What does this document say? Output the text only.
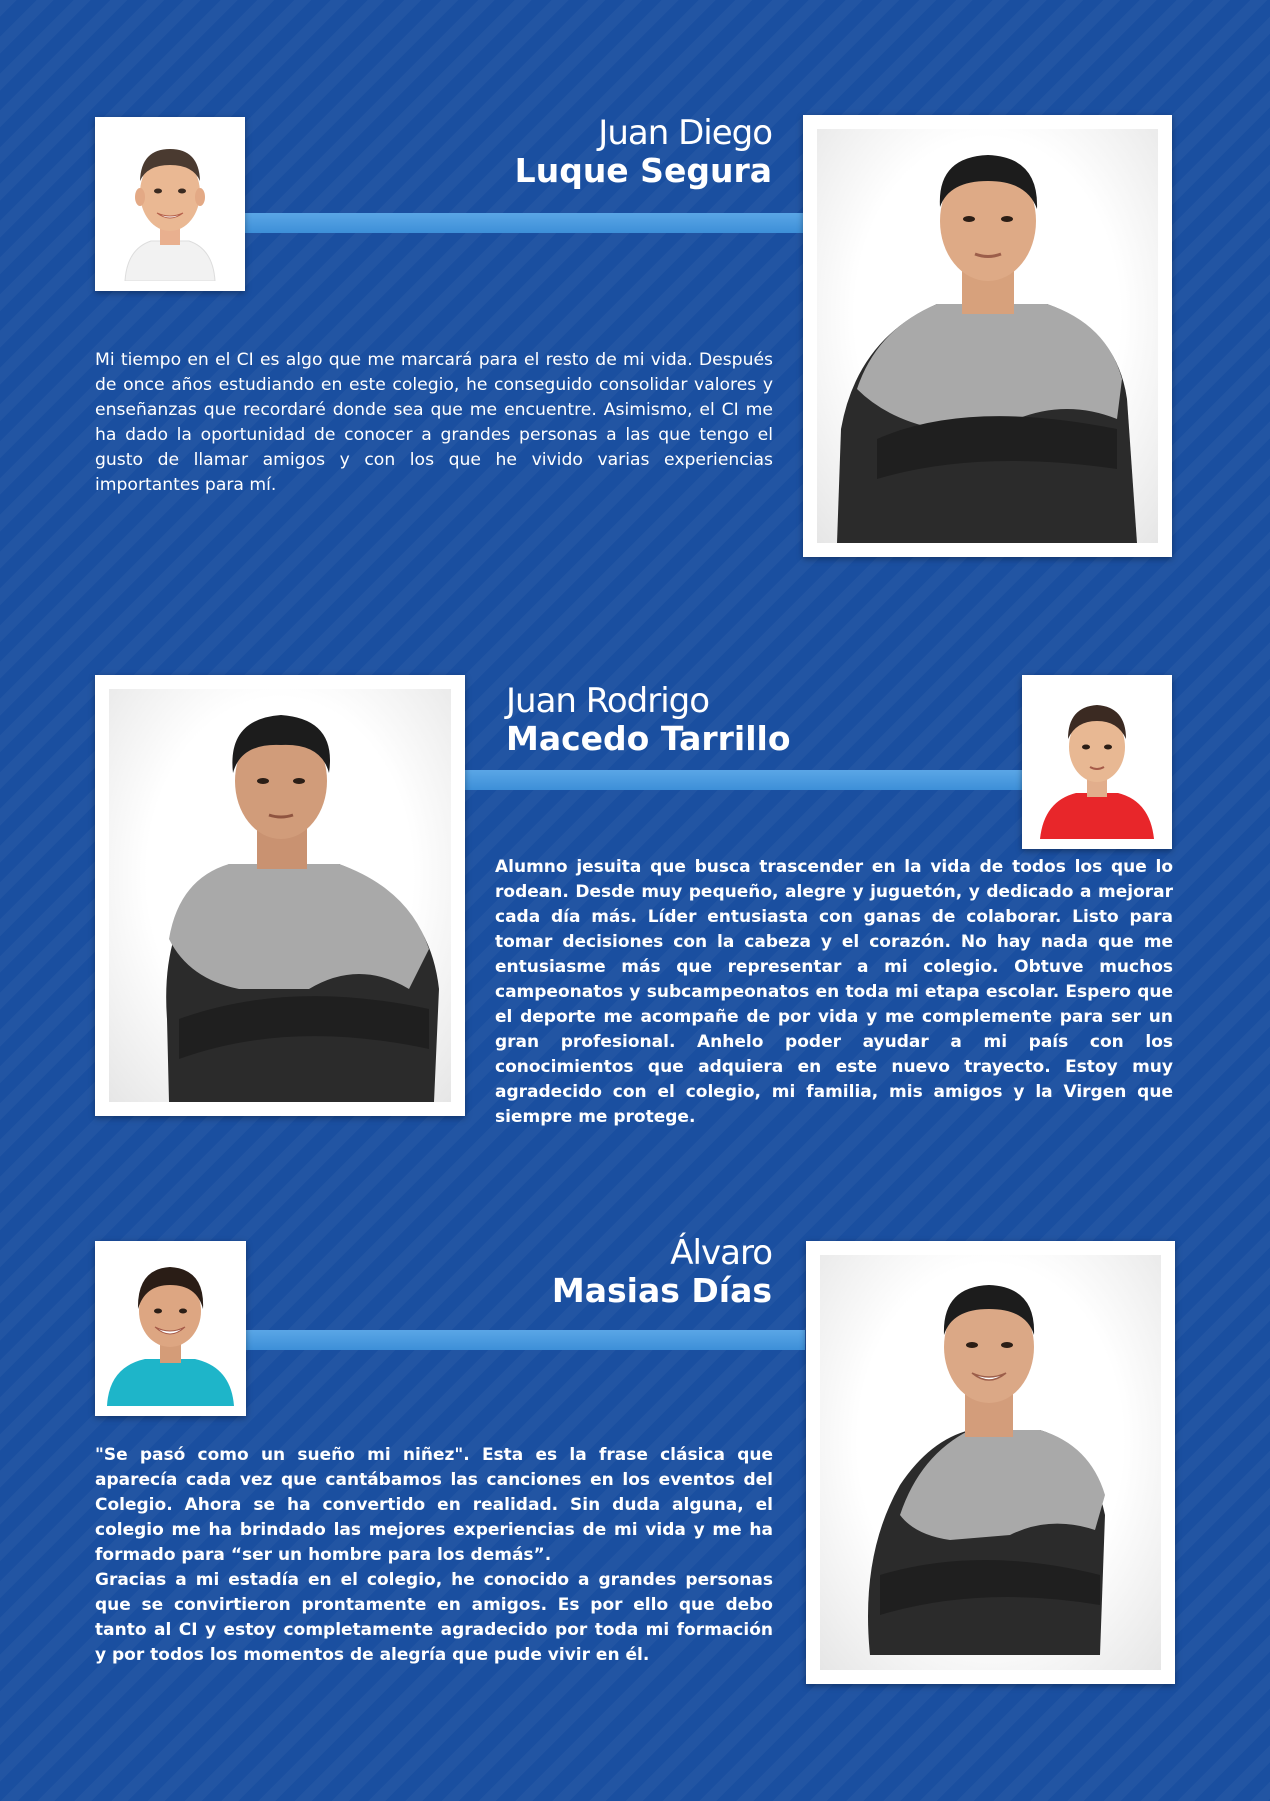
Juan Diego
Luque Segura

Mi tiempo en el CI es algo que me marcará para el resto de mi vida. Después de once años estudiando en este colegio, he conseguido consolidar valores y enseñanzas que recordaré donde sea que me encuentre. Asimismo, el CI me ha dado la oportunidad de conocer a grandes personas a las que tengo el gusto de llamar amigos y con los que he vivido varias experiencias importantes para mí.

Juan Rodrigo
Macedo Tarrillo

Alumno jesuita que busca trascender en la vida de todos los que lo rodean. Desde muy pequeño, alegre y juguetón, y dedicado a mejorar cada día más. Líder entusiasta con ganas de colaborar. Listo para tomar decisiones con la cabeza y el corazón. No hay nada que me entusiasme más que representar a mi colegio. Obtuve muchos campeonatos y subcampeonatos en toda mi etapa escolar. Espero que el deporte me acompañe de por vida y me complemente para ser un gran profesional. Anhelo poder ayudar a mi país con los conocimientos que adquiera en este nuevo trayecto. Estoy muy agradecido con el colegio, mi familia, mis amigos y la Virgen que siempre me protege.

Álvaro
Masias Días

"Se pasó como un sueño mi niñez". Esta es la frase clásica que aparecía cada vez que cantábamos las canciones en los eventos del Colegio. Ahora se ha convertido en realidad. Sin duda alguna, el colegio me ha brindado las mejores experiencias de mi vida y me ha formado para “ser un hombre para los demás”.

Gracias a mi estadía en el colegio, he conocido a grandes personas que se convirtieron prontamente en amigos. Es por ello que debo tanto al CI y estoy completamente agradecido por toda mi formación y por todos los momentos de alegría que pude vivir en él.
